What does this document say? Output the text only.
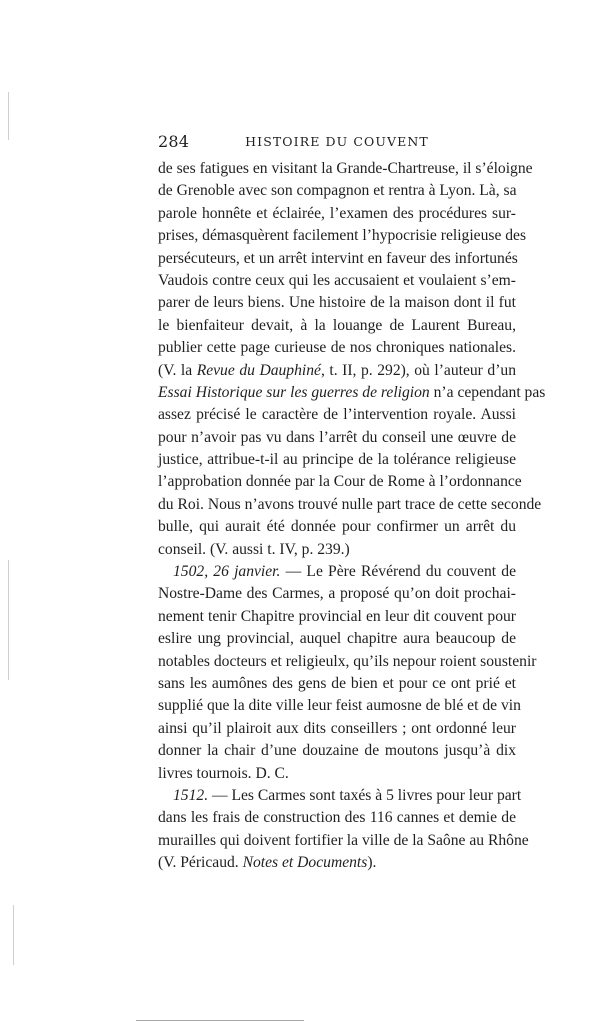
284	HISTOIRE DU COUVENT
de ses fatigues en visitant la Grande-Chartreuse, il s’éloigne
de Grenoble avec son compagnon et rentra à Lyon. Là, sa
parole honnête et éclairée, l’examen des procédures sur-
prises, démasquèrent facilement l’hypocrisie religieuse des
persécuteurs, et un arrêt intervint en faveur des infortunés
Vaudois contre ceux qui les accusaient et voulaient s’em-
parer de leurs biens. Une histoire de la maison dont il fut
le bienfaiteur devait, à la louange de Laurent Bureau,
publier cette page curieuse de nos chroniques nationales.
(V. la Revue du Dauphiné, t. II, p. 292), où l’auteur d’un
Essai Historique sur les guerres de religion n’a cependant pas
assez précisé le caractère de l’intervention royale. Aussi
pour n’avoir pas vu dans l’arrêt du conseil une œuvre de
justice, attribue-t-il au principe de la tolérance religieuse
l’approbation donnée par la Cour de Rome à l’ordonnance
du Roi. Nous n’avons trouvé nulle part trace de cette seconde
bulle, qui aurait été donnée pour confirmer un arrêt du
conseil. (V. aussi t. IV, p. 239.)
1502, 26 janvier. — Le Père Révérend du couvent de
Nostre-Dame des Carmes, a proposé qu’on doit prochai-
nement tenir Chapitre provincial en leur dit couvent pour
eslire ung provincial, auquel chapitre aura beaucoup de
notables docteurs et religieulx, qu’ils nepour roient soustenir
sans les aumônes des gens de bien et pour ce ont prié et
supplié que la dite ville leur feist aumosne de blé et de vin
ainsi qu’il plairoit aux dits conseillers ; ont ordonné leur
donner la chair d’une douzaine de moutons jusqu’à dix
livres tournois. D. C.
1512. — Les Carmes sont taxés à 5 livres pour leur part
dans les frais de construction des 116 cannes et demie de
murailles qui doivent fortifier la ville de la Saône au Rhône
(V. Péricaud. Notes et Documents).
